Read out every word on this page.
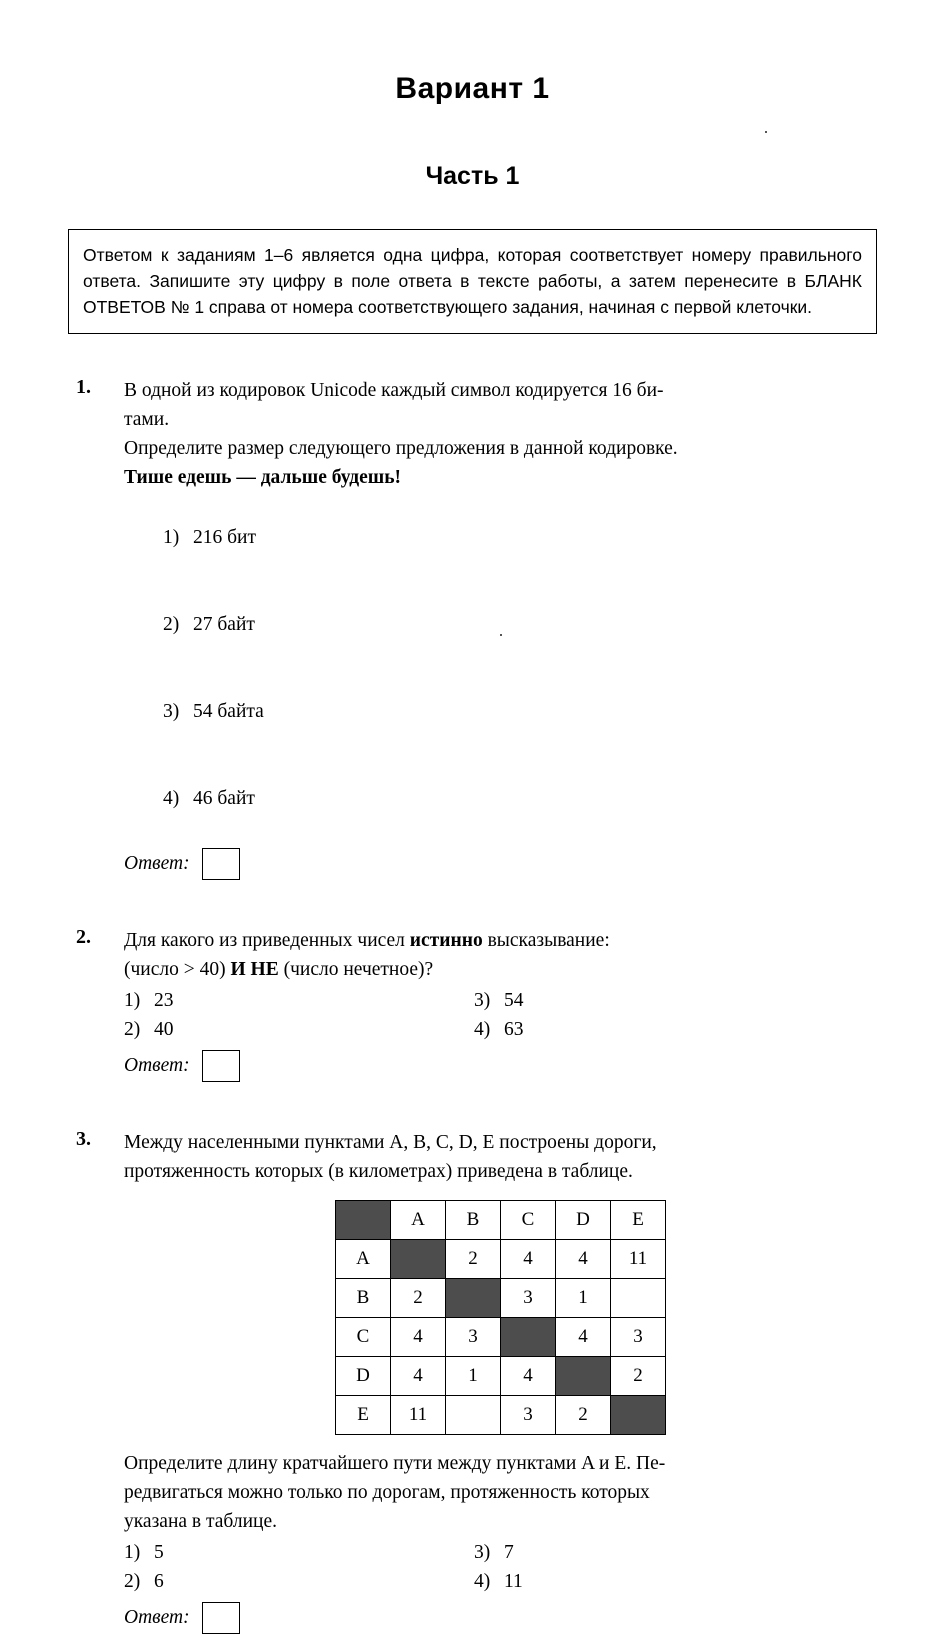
Вариант 1
Часть 1

Ответом к заданиям 1–6 является одна цифра, которая соответствует номеру правильного ответа. Запишите эту цифру в поле ответа в тексте работы, а затем перенесите в БЛАНК ОТВЕТОВ № 1 справа от номера соответствующего задания, начиная с первой клеточки.

1. В одной из кодировок Unicode каждый символ кодируется 16 би-

тами.

Определите размер следующего предложения в данной кодировке.

Тише едешь — дальше будешь!

1) 216 бит

2) 27 байт

3) 54 байта

4) 46 байт

Ответ:
2. Для какого из приведенных чисел истинно высказывание:

(число > 40) И НЕ (число нечетное)?

1) 23	3) 54
2) 40	4) 63
Ответ:
3. Между населенными пунктами A, B, C, D, E построены дороги,

протяженность которых (в километрах) приведена в таблице.

	A	B	C	D	E
A		2	4	4	11
B	2		3	1	
C	4	3		4	3
D	4	1	4		2
E	11		3	2	

Определите длину кратчайшего пути между пунктами A и E. Пе-

редвигаться можно только по дорогам, протяженность которых

указана в таблице.

1) 5	3) 7
2) 6	4) 11
Ответ:
